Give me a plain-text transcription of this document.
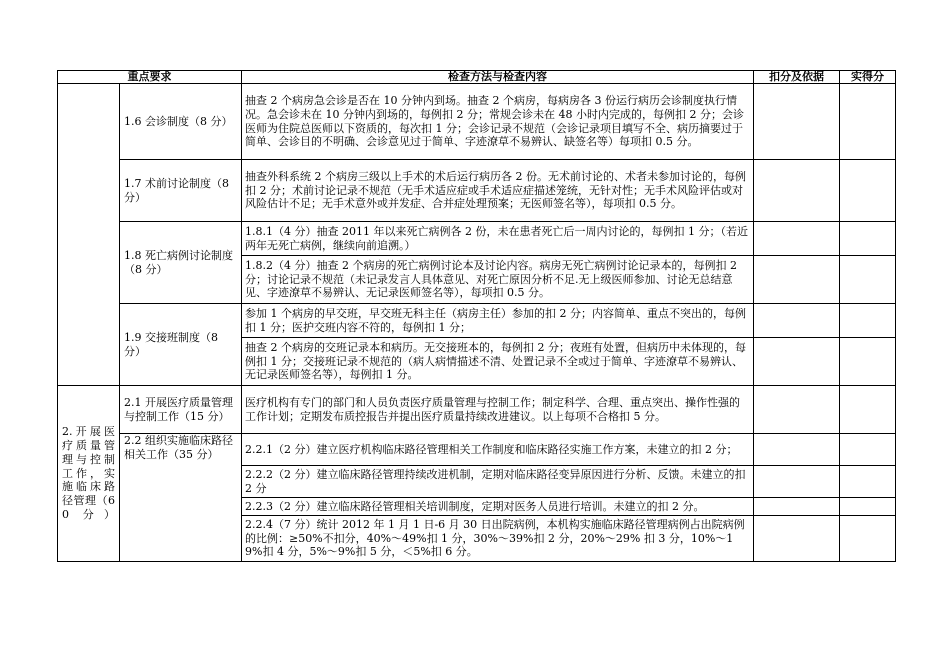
重点要求		检查方法与检查内容	扣分及依据	实得分
	1.6 会诊制度（8 分）	抽查 2 个病房急会诊是否在 10 分钟内到场。抽查 2 个病房，每病房各 3 份运行病历会诊制度执行情况。急会诊未在 10 分钟内到场的，每例扣 2 分；常规会诊未在 48 小时内完成的，每例扣 2 分；会诊医师为住院总医师以下资质的，每次扣 1 分；会诊记录不规范（会诊记录项目填写不全、病历摘要过于简单、会诊目的不明确、会诊意见过于简单、字迹潦草不易辨认、缺签名等）每项扣 0.5 分。		
	1.7 术前讨论制度（8 分）	抽查外科系统 2 个病房三级以上手术的术后运行病历各 2 份。无术前讨论的、术者未参加讨论的，每例扣 2 分；术前讨论记录不规范（无手术适应症或手术适应症描述笼统，无针对性；无手术风险评估或对风险估计不足；无手术意外或并发症、合并症处理预案；无医师签名等），每项扣 0.5 分。		
	1.8 死亡病例讨论制度（8 分）	1.8.1（4 分）抽查 2011 年以来死亡病例各 2 份，未在患者死亡后一周内讨论的，每例扣 1 分；（若近两年无死亡病例，继续向前追溯。）		
		1.8.2（4 分）抽查 2 个病房的死亡病例讨论本及讨论内容。病房无死亡病例讨论记录本的，每例扣 2 分；讨论记录不规范（未记录发言人具体意见、对死亡原因分析不足.无上级医师参加、讨论无总结意见、字迹潦草不易辨认、无记录医师签名等），每项扣 0.5 分。		
	1.9 交接班制度（8 分）	参加 1 个病房的早交班，早交班无科主任（病房主任）参加的扣 2 分；内容简单、重点不突出的，每例扣 1 分；医护交班内容不符的，每例扣 1 分；		
		抽查 2 个病房的交班记录本和病历。无交接班本的，每例扣 2 分；夜班有处置，但病历中未体现的，每例扣 1 分；交接班记录不规范的（病人病情描述不清、处置记录不全或过于简单、字迹潦草不易辨认、无记录医师签名等），每例扣 1 分。		
2.开展医疗质量管理与控制工作，实施临床路径管理（60 分）	2.1 开展医疗质量管理与控制工作（15 分）	医疗机构有专门的部门和人员负责医疗质量管理与控制工作；制定科学、合理、重点突出、操作性强的工作计划；定期发布质控报告并提出医疗质量持续改进建议。以上每项不合格扣 5 分。		
	2.2 组织实施临床路径相关工作（35 分）	2.2.1（2 分）建立医疗机构临床路径管理相关工作制度和临床路径实施工作方案，未建立的扣 2 分；		
		2.2.2（2 分）建立临床路径管理持续改进机制，定期对临床路径变异原因进行分析、反馈。未建立的扣 2 分		
		2.2.3（2 分）建立临床路径管理相关培训制度，定期对医务人员进行培训。未建立的扣 2 分。		
		2.2.4（7 分）统计 2012 年 1 月 1 日-6 月 30 日出院病例，本机构实施临床路径管理病例占出院病例的比例：≥50%不扣分，40%～49%扣 1 分，30%～39%扣 2 分，20%～29% 扣 3 分，10%～19%扣 4 分，5%～9%扣 5 分，＜5%扣 6 分。		
